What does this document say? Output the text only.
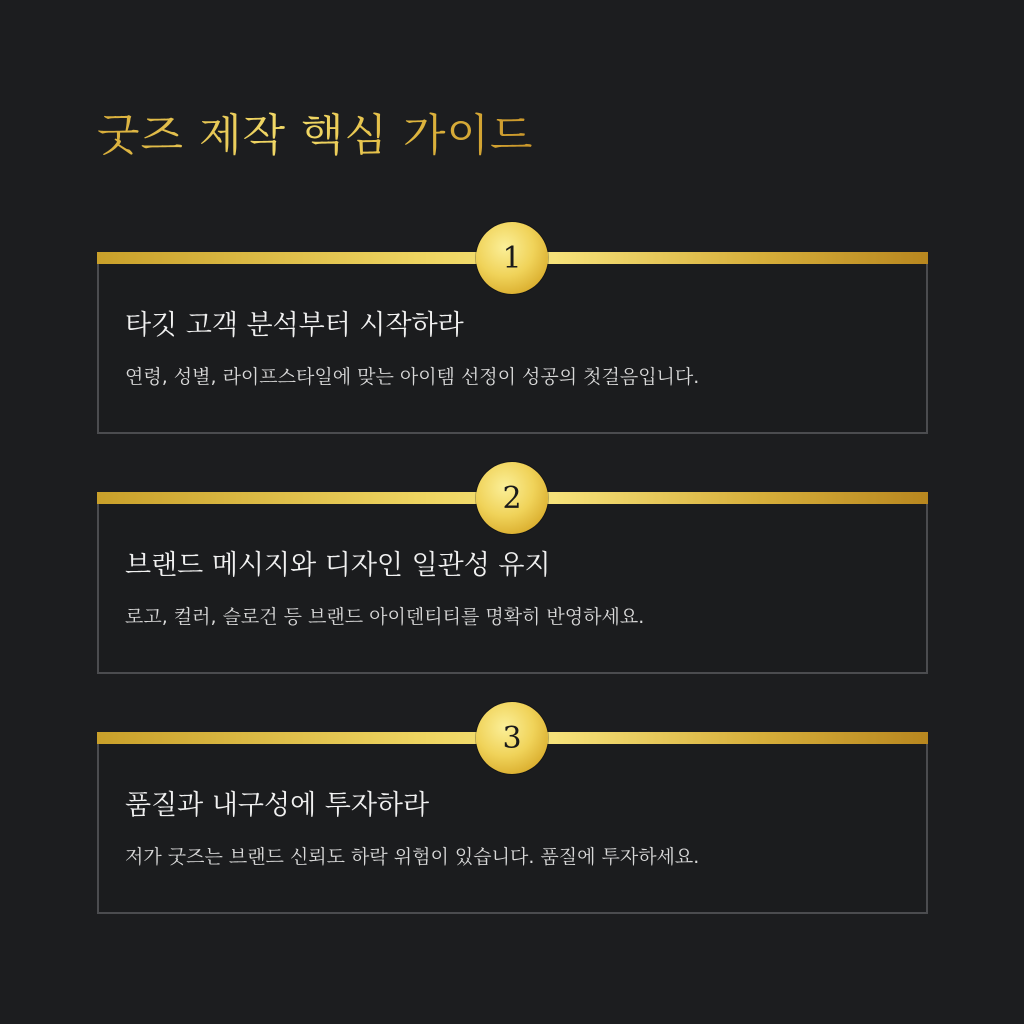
굿즈 제작 핵심 가이드
1
타깃 고객 분석부터 시작하라

연령, 성별, 라이프스타일에 맞는 아이템 선정이 성공의 첫걸음입니다.

2
브랜드 메시지와 디자인 일관성 유지

로고, 컬러, 슬로건 등 브랜드 아이덴티티를 명확히 반영하세요.

3
품질과 내구성에 투자하라

저가 굿즈는 브랜드 신뢰도 하락 위험이 있습니다. 품질에 투자하세요.
